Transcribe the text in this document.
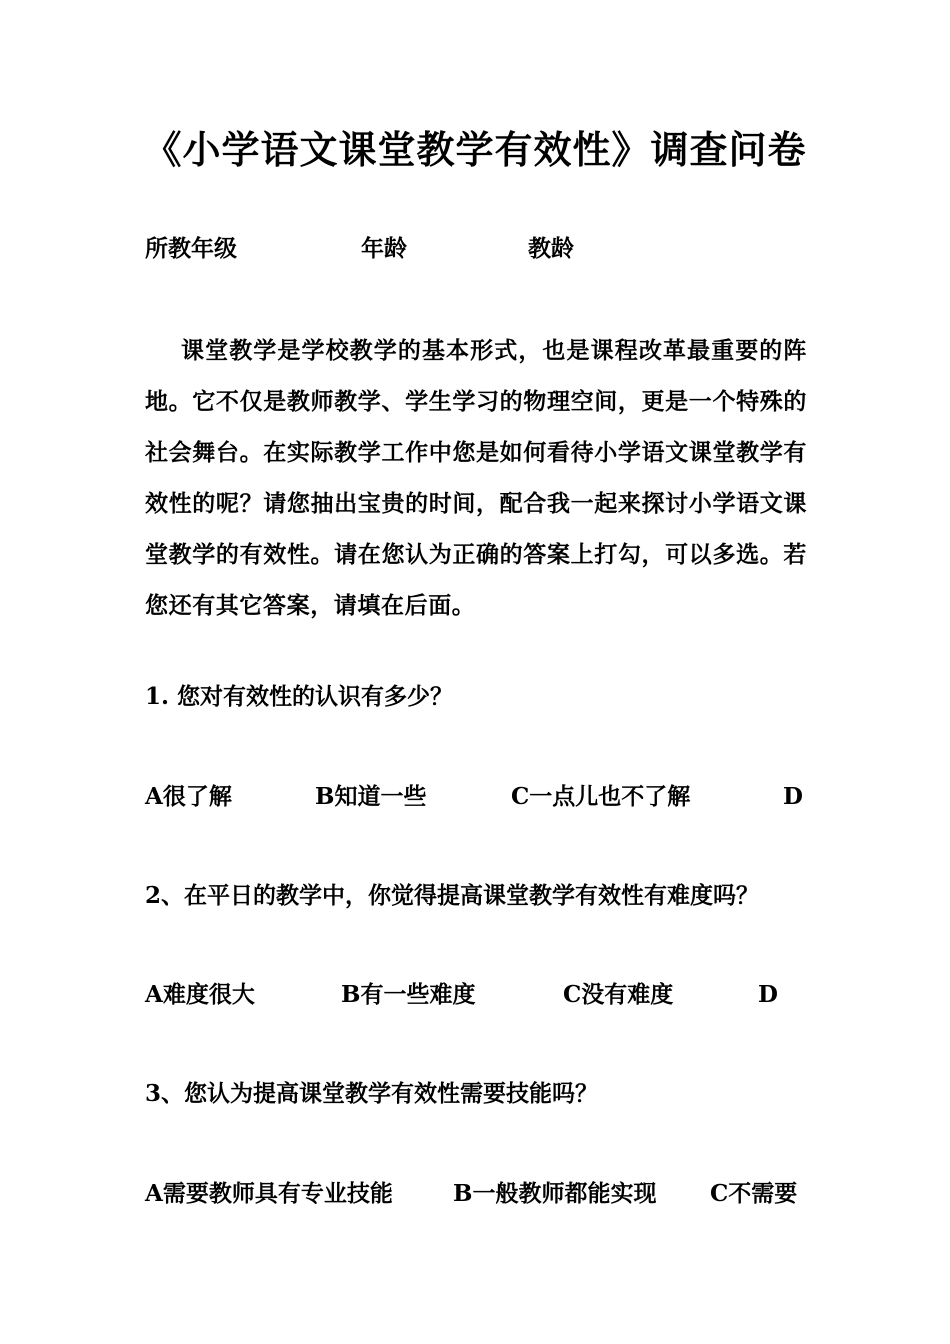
《小学语文课堂教学有效性》调查问卷
所教年级	年龄	教龄

课堂教学是学校教学的基本形式，也是课程改革最重要的阵地。它不仅是教师教学、学生学习的物理空间，更是一个特殊的社会舞台。在实际教学工作中您是如何看待小学语文课堂教学有效性的呢？请您抽出宝贵的时间，配合我一起来探讨小学语文课堂教学的有效性。请在您认为正确的答案上打勾，可以多选。若您还有其它答案，请填在后面。

1. 您对有效性的认识有多少？
A很了解	B知道一些	C一点儿也不了解	D
2、在平日的教学中，你觉得提高课堂教学有效性有难度吗？
A难度很大	B有一些难度	C没有难度	D
3、您认为提高课堂教学有效性需要技能吗？
A需要教师具有专业技能	B一般教师都能实现 C不需要
